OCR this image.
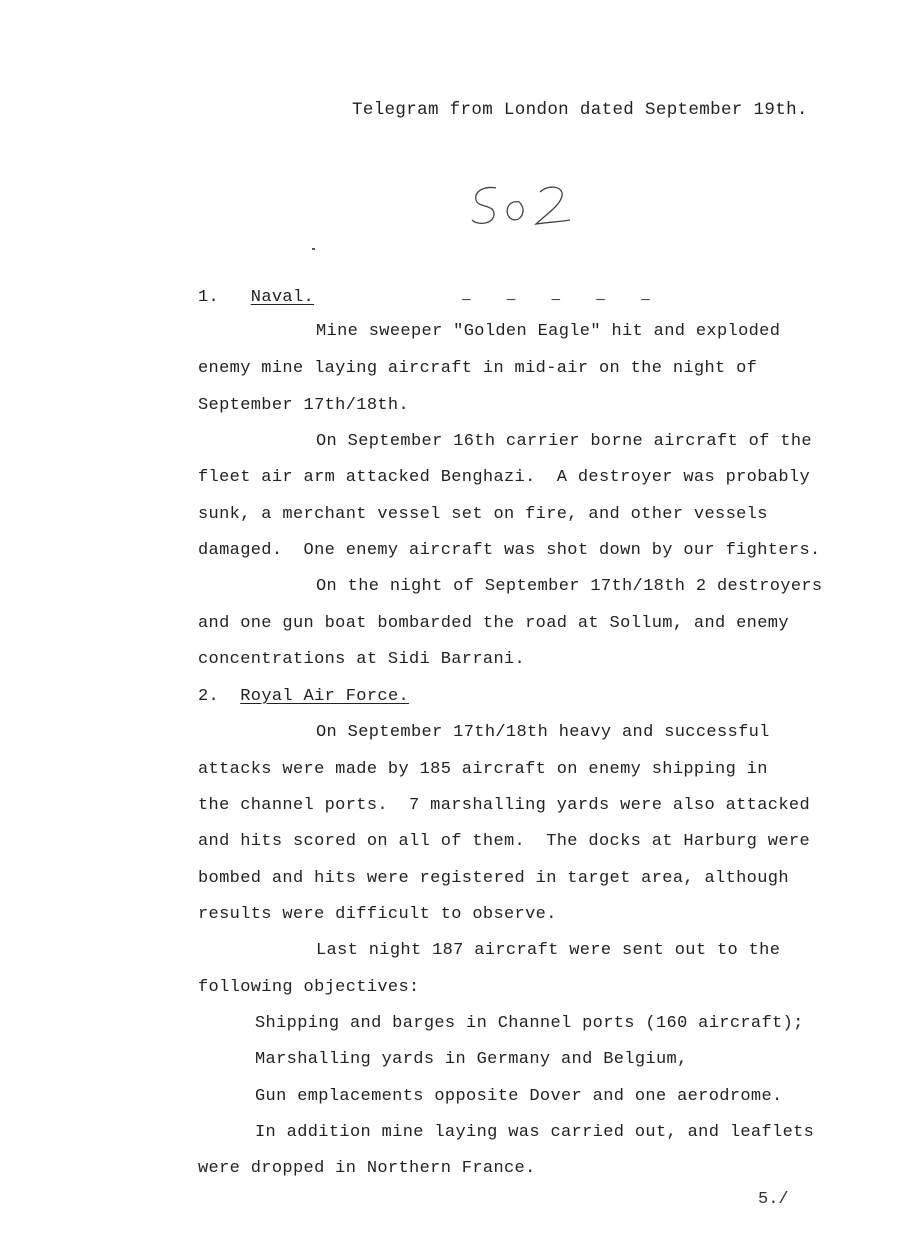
Telegram from London dated September 19th.
1. Naval.	─ ─ ─ ─ ─
Mine sweeper "Golden Eagle" hit and exploded
enemy mine laying aircraft in mid-air on the night of
September 17th/18th.
On September 16th carrier borne aircraft of the
fleet air arm attacked Benghazi.  A destroyer was probably
sunk, a merchant vessel set on fire, and other vessels
damaged.  One enemy aircraft was shot down by our fighters.
On the night of September 17th/18th 2 destroyers
and one gun boat bombarded the road at Sollum, and enemy
concentrations at Sidi Barrani.
2. Royal Air Force.
On September 17th/18th heavy and successful
attacks were made by 185 aircraft on enemy shipping in
the channel ports.  7 marshalling yards were also attacked
and hits scored on all of them.  The docks at Harburg were
bombed and hits were registered in target area, although
results were difficult to observe.
Last night 187 aircraft were sent out to the
following objectives:
Shipping and barges in Channel ports (160 aircraft);
Marshalling yards in Germany and Belgium,
Gun emplacements opposite Dover and one aerodrome.
In addition mine laying was carried out, and leaflets
were dropped in Northern France.
5./
